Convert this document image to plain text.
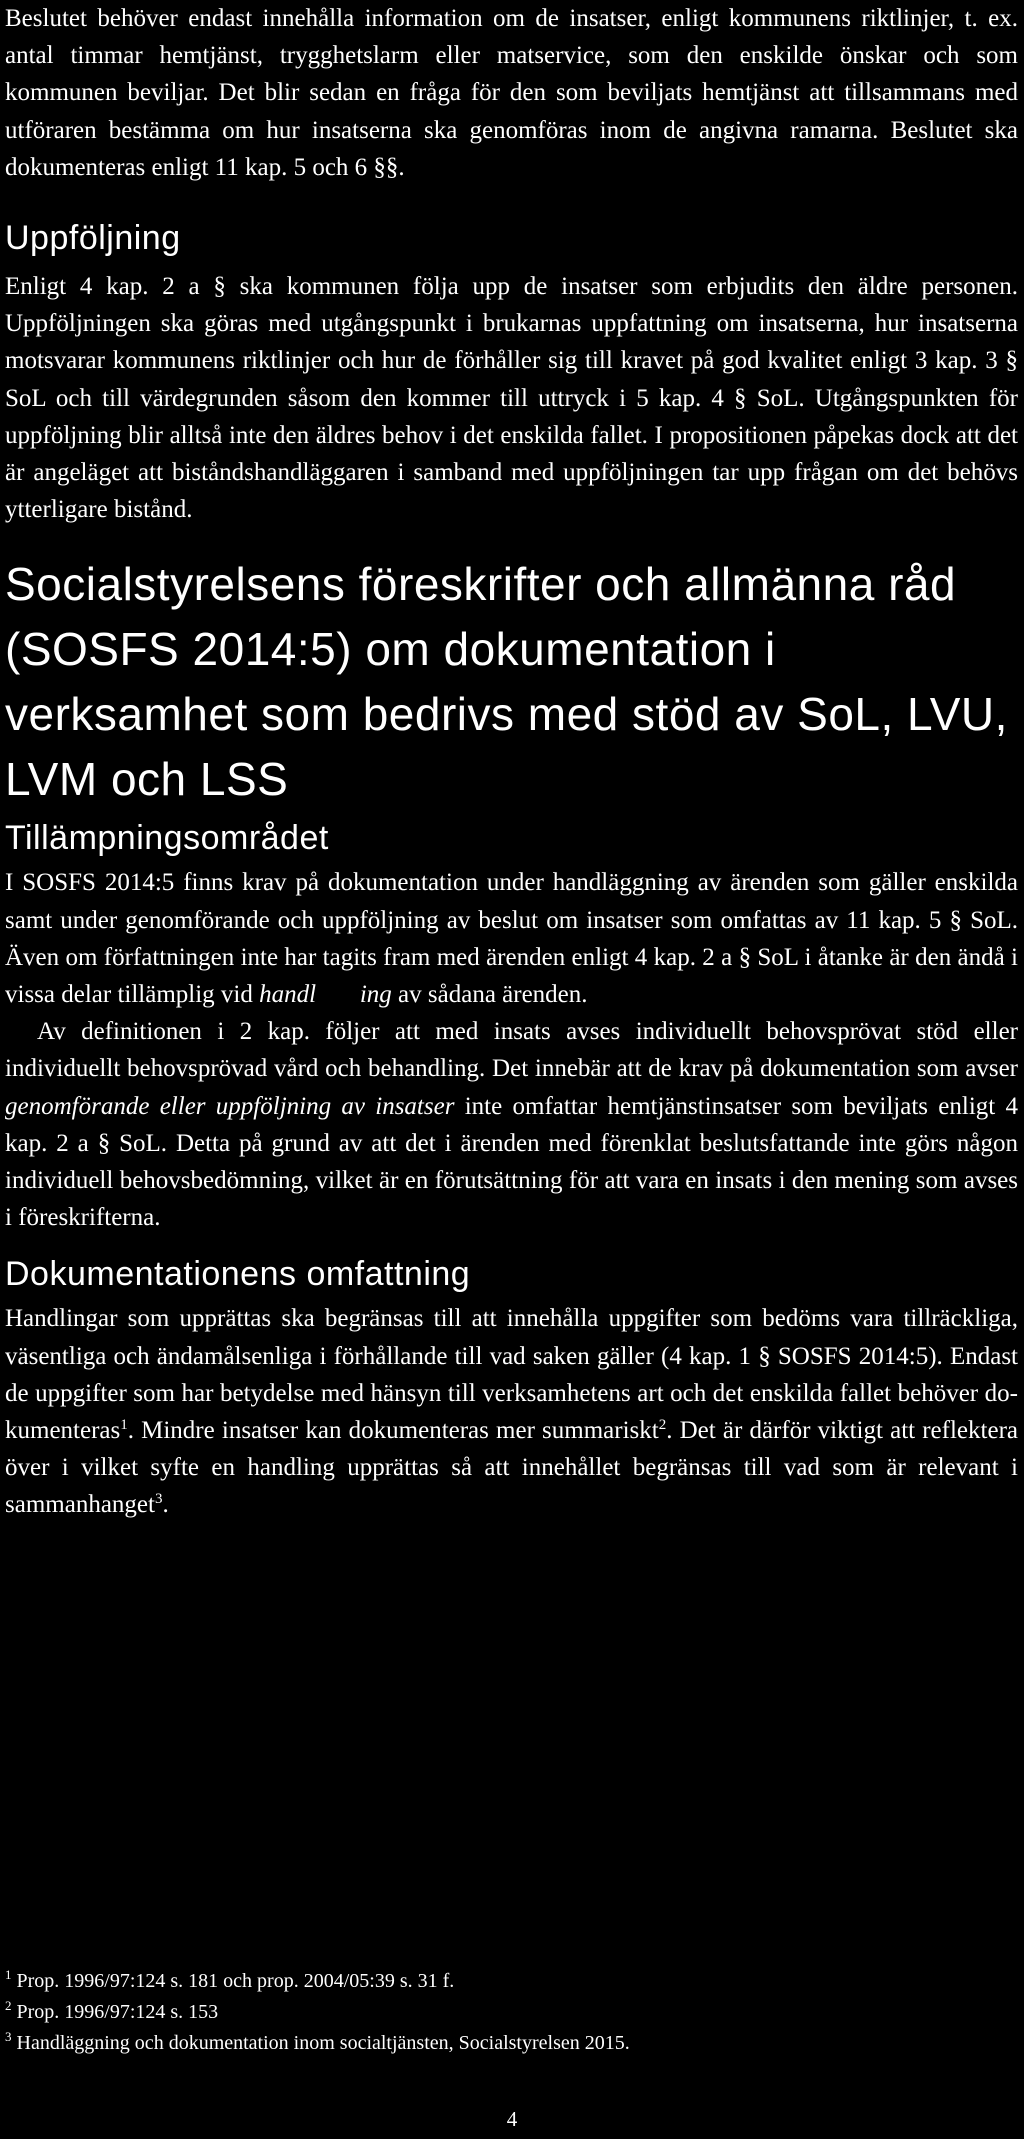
Beslutet behöver endast innehålla information om de insatser, enligt kommunens riktlinjer, t. ex. antal timmar hemtjänst, trygghetslarm eller matservice, som den enskilde önskar och som kommunen beviljar. Det blir sedan en fråga för den som beviljats hemtjänst att tillsammans med utföraren bestämma om hur insatserna ska genomföras inom de angivna ramarna. Beslutet ska dokumenteras enligt 11 kap. 5 och 6 §§.

Uppföljning

Enligt 4 kap. 2 a § ska kommunen följa upp de insatser som erbjudits den äldre personen. Uppföljningen ska göras med utgångspunkt i brukarnas uppfattning om insatserna, hur insatserna motsvarar kommunens riktlinjer och hur de förhåller sig till kravet på god kvalitet enligt 3 kap. 3 § SoL och till värdegrunden såsom den kommer till uttryck i 5 kap. 4 § SoL. Utgångspunkten för uppföljning blir alltså inte den äldres behov i det enskilda fallet. I propositionen påpekas dock att det är angeläget att biståndshandläggaren i samband med uppföljningen tar upp frågan om det behövs ytterligare bistånd.

Socialstyrelsens föreskrifter och allmänna råd (SOSFS 2014:5) om dokumentation i verksamhet som bedrivs med stöd av SoL, LVU, LVM och LSS
Tillämpningsområdet

I SOSFS 2014:5 finns krav på dokumentation under handläggning av ärenden som gäller enskilda samt under genomförande och uppföljning av beslut om insatser som omfattas av 11 kap. 5 § SoL. Även om författningen inte har tagits fram med ärenden enligt 4 kap. 2 a § SoL i åtanke är den ändå i vissa delar tillämplig vid handl ing av sådana ärenden.

Av definitionen i 2 kap. följer att med insats avses individuellt behovsprövat stöd eller individuellt behovsprövad vård och behandling. Det innebär att de krav på dokumentation som avser genomförande eller uppföljning av insatser inte omfattar hemtjänstinsatser som beviljats enligt 4 kap. 2 a § SoL. Detta på grund av att det i ärenden med förenklat beslutsfattande inte görs någon individuell behovsbedömning, vilket är en förutsättning för att vara en insats i den mening som avses i föreskrifterna.

Dokumentationens omfattning

Handlingar som upprättas ska begränsas till att innehålla uppgifter som bedöms vara tillräckliga, väsentliga och ändamålsenliga i förhållande till vad saken gäller (4 kap. 1 § SOSFS 2014:5). Endast de uppgifter som har betydelse med hänsyn till verksamhetens art och det enskilda fallet behöver dokumenteras$^1$. Mindre insatser kan dokumenteras mer summariskt$^2$. Det är därför viktigt att reflektera över i vilket syfte en handling upprättas så att innehållet begränsas till vad som är relevant i sammanhanget$^3$.

$^1$ Prop. 1996/97:124 s. 181 och prop. 2004/05:39 s. 31 f.
$^2$ Prop. 1996/97:124 s. 153
$^3$ Handläggning och dokumentation inom socialtjänsten, Socialstyrelsen 2015.
4
